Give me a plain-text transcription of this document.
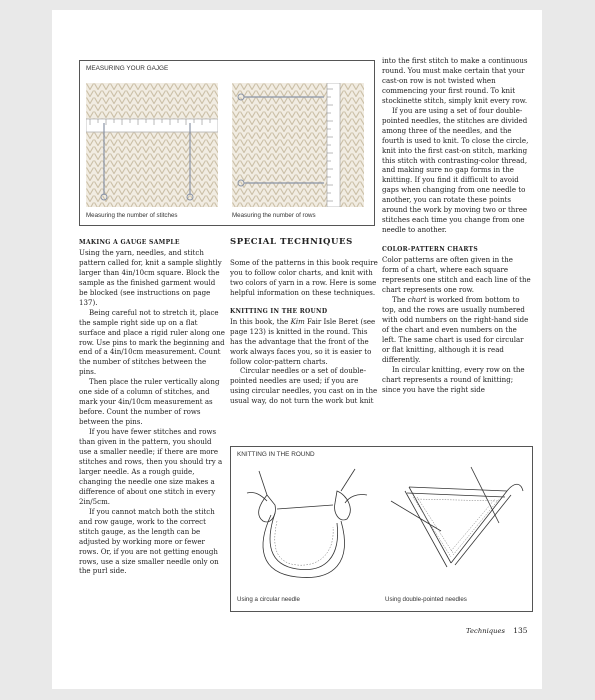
MEASURING YOUR GAJGE
Measuring the number of stitches	Measuring the number of rows

MAKING A GAUGE SAMPLE

Using the yarn, needles, and stitch pattern called for, knit a sample slightly larger than 4in/10cm square. Block the sample as the finished garment would be blocked (see instructions on page 137).

Being careful not to stretch it, place the sample right side up on a flat surface and place a rigid ruler along one row. Use pins to mark the beginning and end of a 4in/10cm measurement. Count the number of stitches between the pins.

Then place the ruler vertically along one side of a column of stitches, and mark your 4in/10cm measurement as before. Count the number of rows between the pins.

If you have fewer stitches and rows than given in the pattern, you should use a smaller needle; if there are more stitches and rows, then you should try a larger needle. As a rough guide, changing the needle one size makes a difference of about one stitch in every 2in/5cm.

If you cannot match both the stitch and row gauge, work to the correct stitch gauge, as the length can be adjusted by working more or fewer rows. Or, if you are not getting enough rows, use a size smaller needle only on the purl side.

SPECIAL TECHNIQUES

Some of the patterns in this book require you to follow color charts, and knit with two colors of yarn in a row. Here is some helpful information on these techniques.

KNITTING IN THE ROUND

In this book, the Kim Fair Isle Beret (see page 123) is knitted in the round. This has the advantage that the front of the work always faces you, so it is easier to follow color-pattern charts.

Circular needles or a set of double-pointed needles are used; if you are using circular needles, you cast on in the usual way, do not turn the work but knit

into the first stitch to make a continuous round. You must make certain that your cast-on row is not twisted when commencing your first round. To knit stockinette stitch, simply knit every row.

If you are using a set of four double-pointed needles, the stitches are divided among three of the needles, and the fourth is used to knit. To close the circle, knit into the first cast-on stitch, marking this stitch with contrasting-color thread, and making sure no gap forms in the knitting. If you find it difficult to avoid gaps when changing from one needle to another, you can rotate these points around the work by moving two or three stitches each time you change from one needle to another.

COLOR-PATTERN CHARTS

Color patterns are often given in the form of a chart, where each square represents one stitch and each line of the chart represents one row.

The chart is worked from bottom to top, and the rows are usually numbered with odd numbers on the right-hand side of the chart and even numbers on the left. The same chart is used for circular or flat knitting, although it is read differently.

In circular knitting, every row on the chart represents a round of knitting; since you have the right side

KNITTING IN THE ROUND
Using a circular needle	Using double-pointed needles
Techniques 135
